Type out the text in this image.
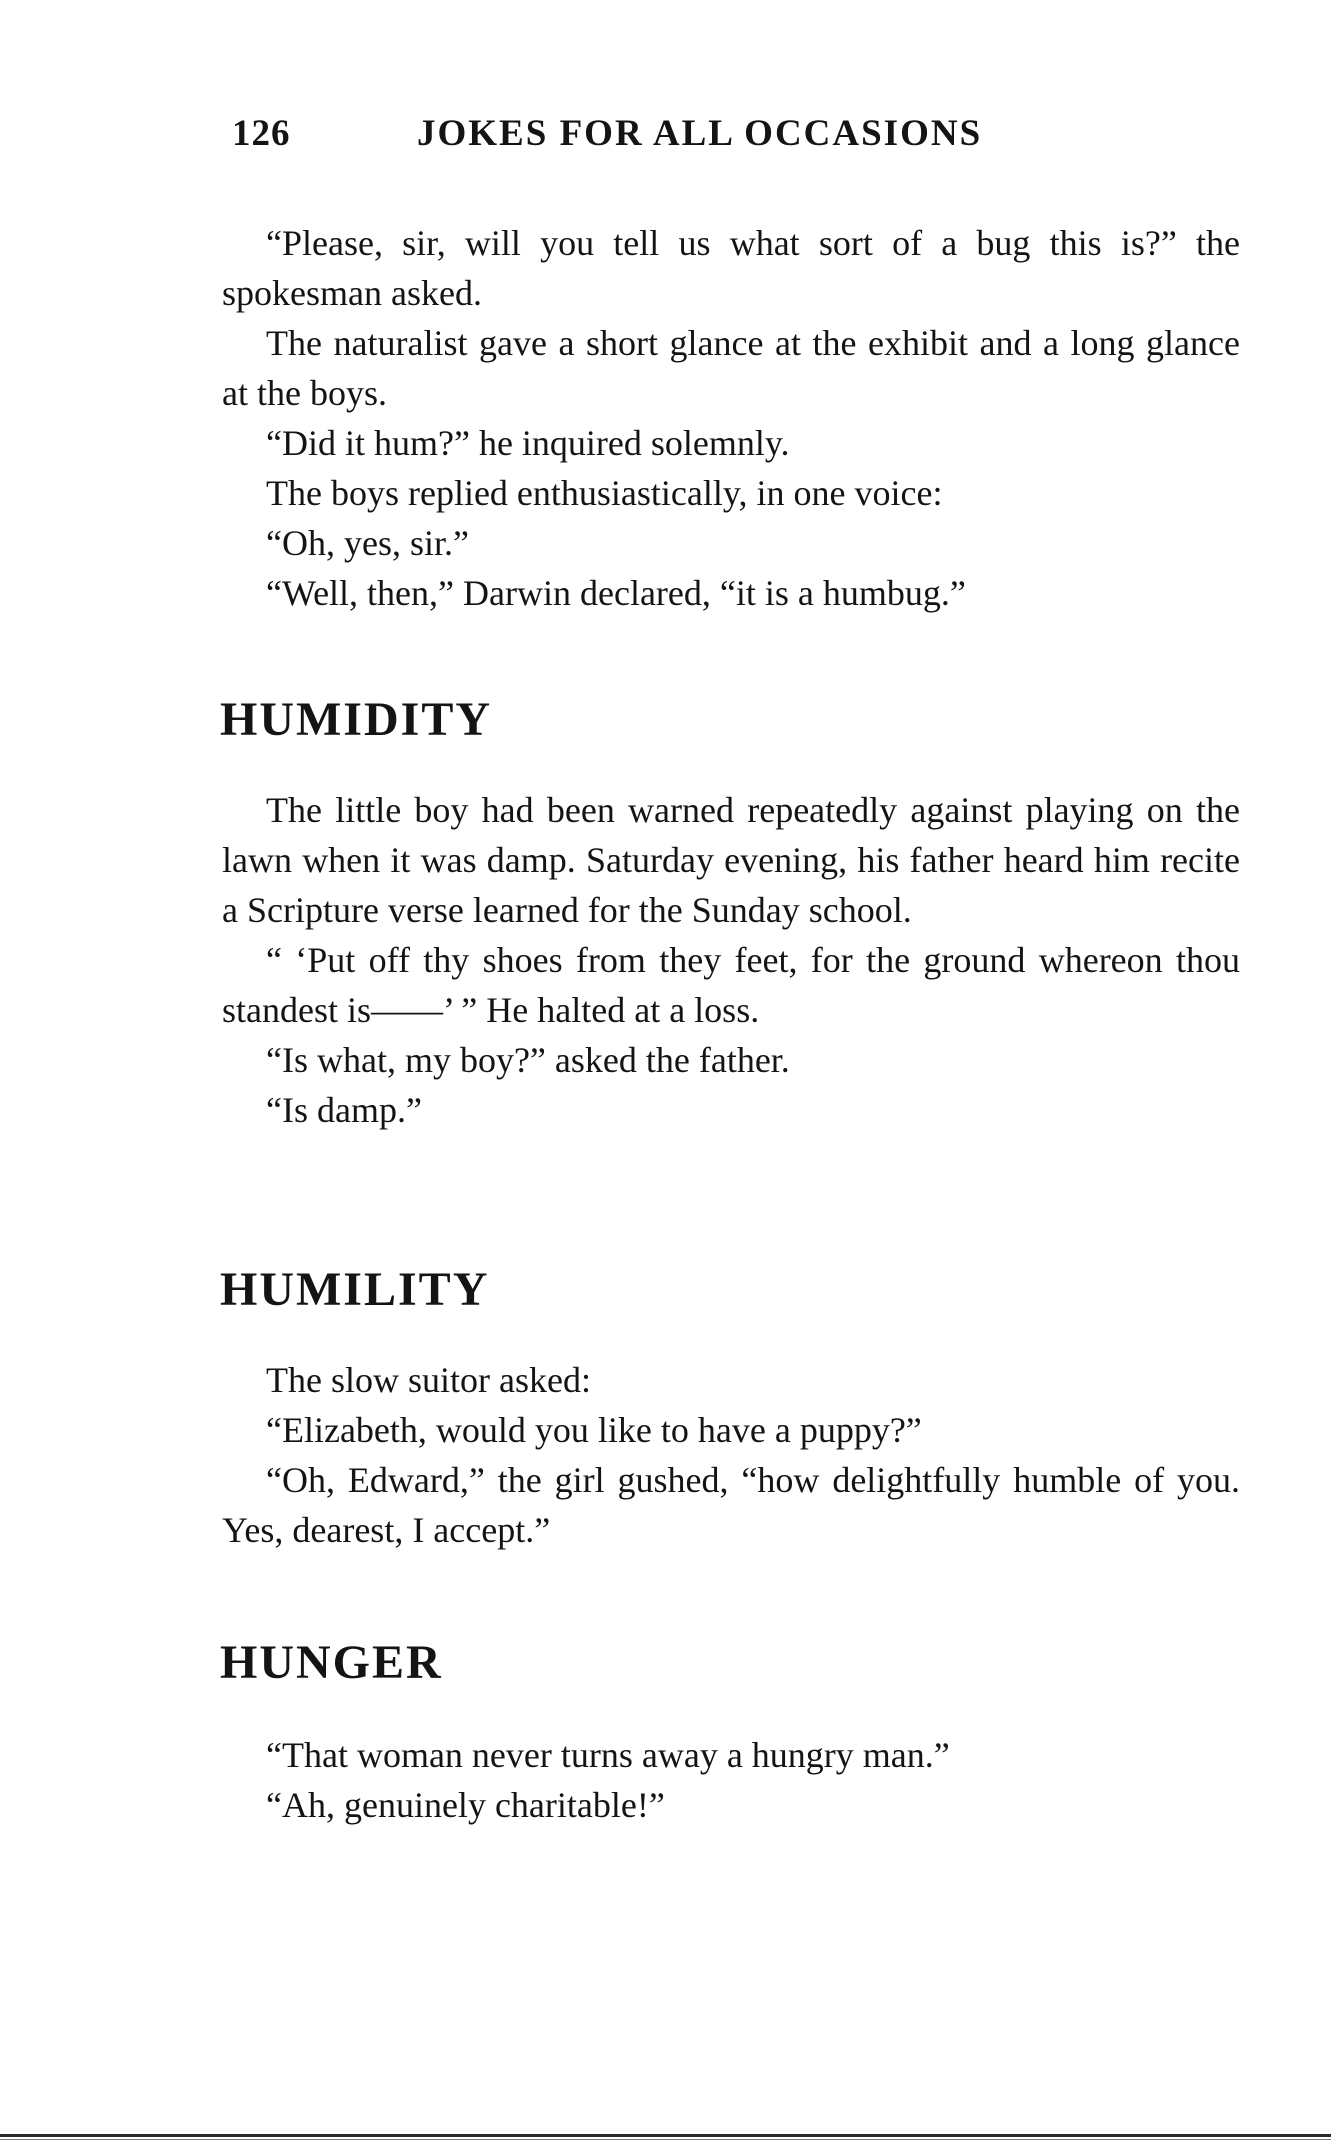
126	JOKES FOR ALL OCCASIONS

“Please, sir, will you tell us what sort of a bug this is?” the spokesman asked.

The naturalist gave a short glance at the exhibit and a long glance at the boys.

“Did it hum?” he inquired solemnly.

The boys replied enthusiastically, in one voice:

“Oh, yes, sir.”

“Well, then,” Darwin declared, “it is a humbug.”

HUMIDITY

The little boy had been warned repeatedly against playing on the lawn when it was damp. Saturday evening, his father heard him recite a Scripture verse learned for the Sunday school.

“ ‘Put off thy shoes from they feet, for the ground whereon thou standest is——’ ” He halted at a loss.

“Is what, my boy?” asked the father.

“Is damp.”

HUMILITY

The slow suitor asked:

“Elizabeth, would you like to have a puppy?”

“Oh, Edward,” the girl gushed, “how delightfully humble of you. Yes, dearest, I accept.”

HUNGER

“That woman never turns away a hungry man.”

“Ah, genuinely charitable!”
